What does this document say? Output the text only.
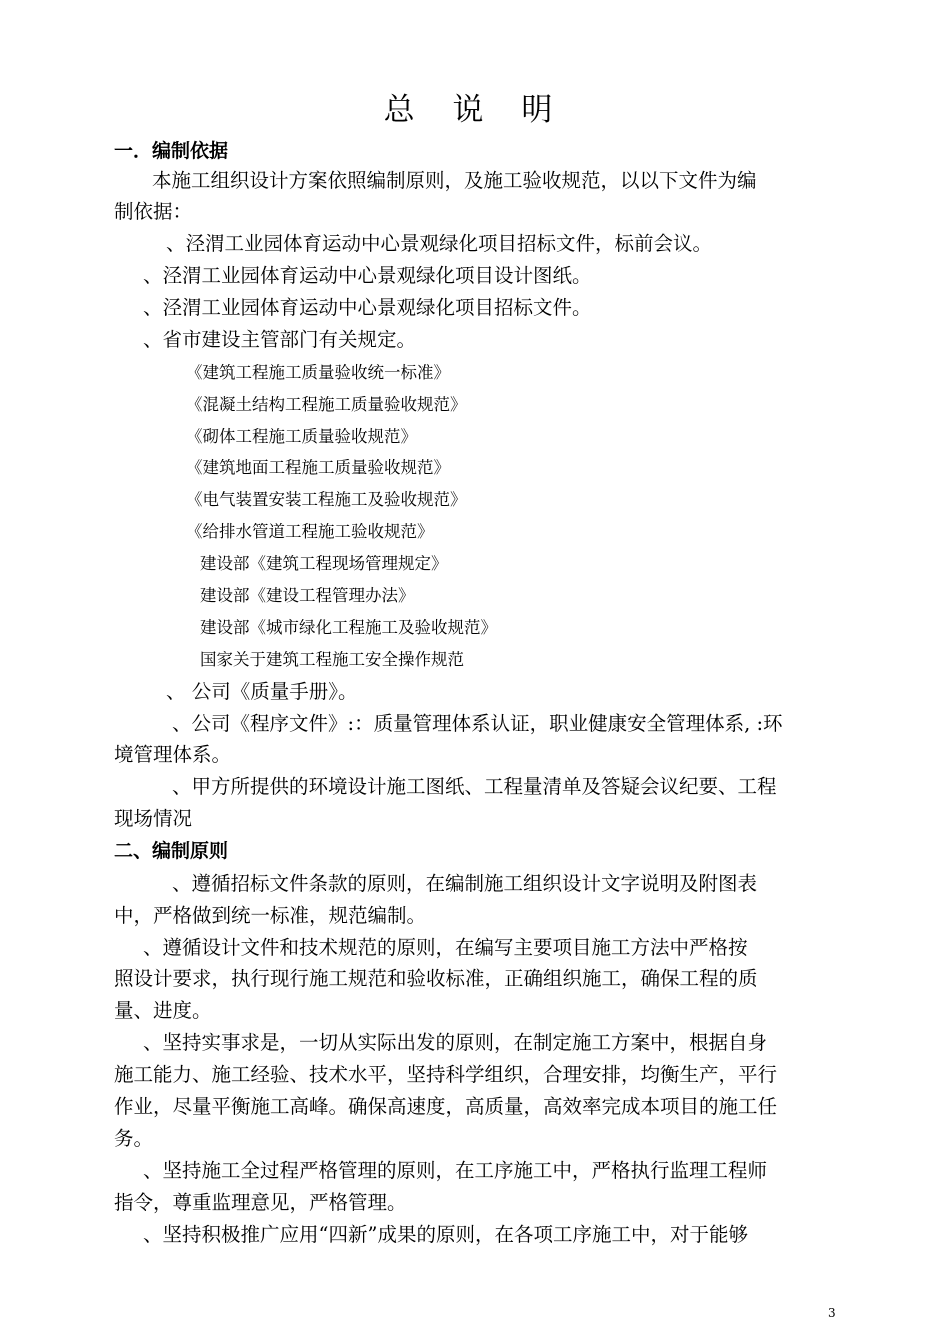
总 说 明
一．编制依据
本施工组织设计方案依照编制原则，及施工验收规范，以以下文件为编
制依据：
、泾渭工业园体育运动中心景观绿化项目招标文件，标前会议。
、泾渭工业园体育运动中心景观绿化项目设计图纸。
、泾渭工业园体育运动中心景观绿化项目招标文件。
、省市建设主管部门有关规定。
《建筑工程施工质量验收统一标准》
《混凝土结构工程施工质量验收规范》
《砌体工程施工质量验收规范》
《建筑地面工程施工质量验收规范》
《电气装置安装工程施工及验收规范》
《给排水管道工程施工验收规范》
建设部《建筑工程现场管理规定》
建设部《建设工程管理办法》
建设部《城市绿化工程施工及验收规范》
国家关于建筑工程施工安全操作规范
、 公司《质量手册》。
、公司《程序文件》:：质量管理体系认证，职业健康安全管理体系, :环
境管理体系。
、甲方所提供的环境设计施工图纸、工程量清单及答疑会议纪要、工程
现场情况
二、编制原则
、遵循招标文件条款的原则，在编制施工组织设计文字说明及附图表
中，严格做到统一标准，规范编制。
、遵循设计文件和技术规范的原则，在编写主要项目施工方法中严格按
照设计要求，执行现行施工规范和验收标准，正确组织施工，确保工程的质
量、进度。
、坚持实事求是，一切从实际出发的原则，在制定施工方案中，根据自身
施工能力、施工经验、技术水平，坚持科学组织，合理安排，均衡生产，平行
作业，尽量平衡施工高峰。确保高速度，高质量，高效率完成本项目的施工任
务。
、坚持施工全过程严格管理的原则，在工序施工中，严格执行监理工程师
指令，尊重监理意见，严格管理。
、坚持积极推广应用“四新”成果的原则，在各项工序施工中，对于能够
3
